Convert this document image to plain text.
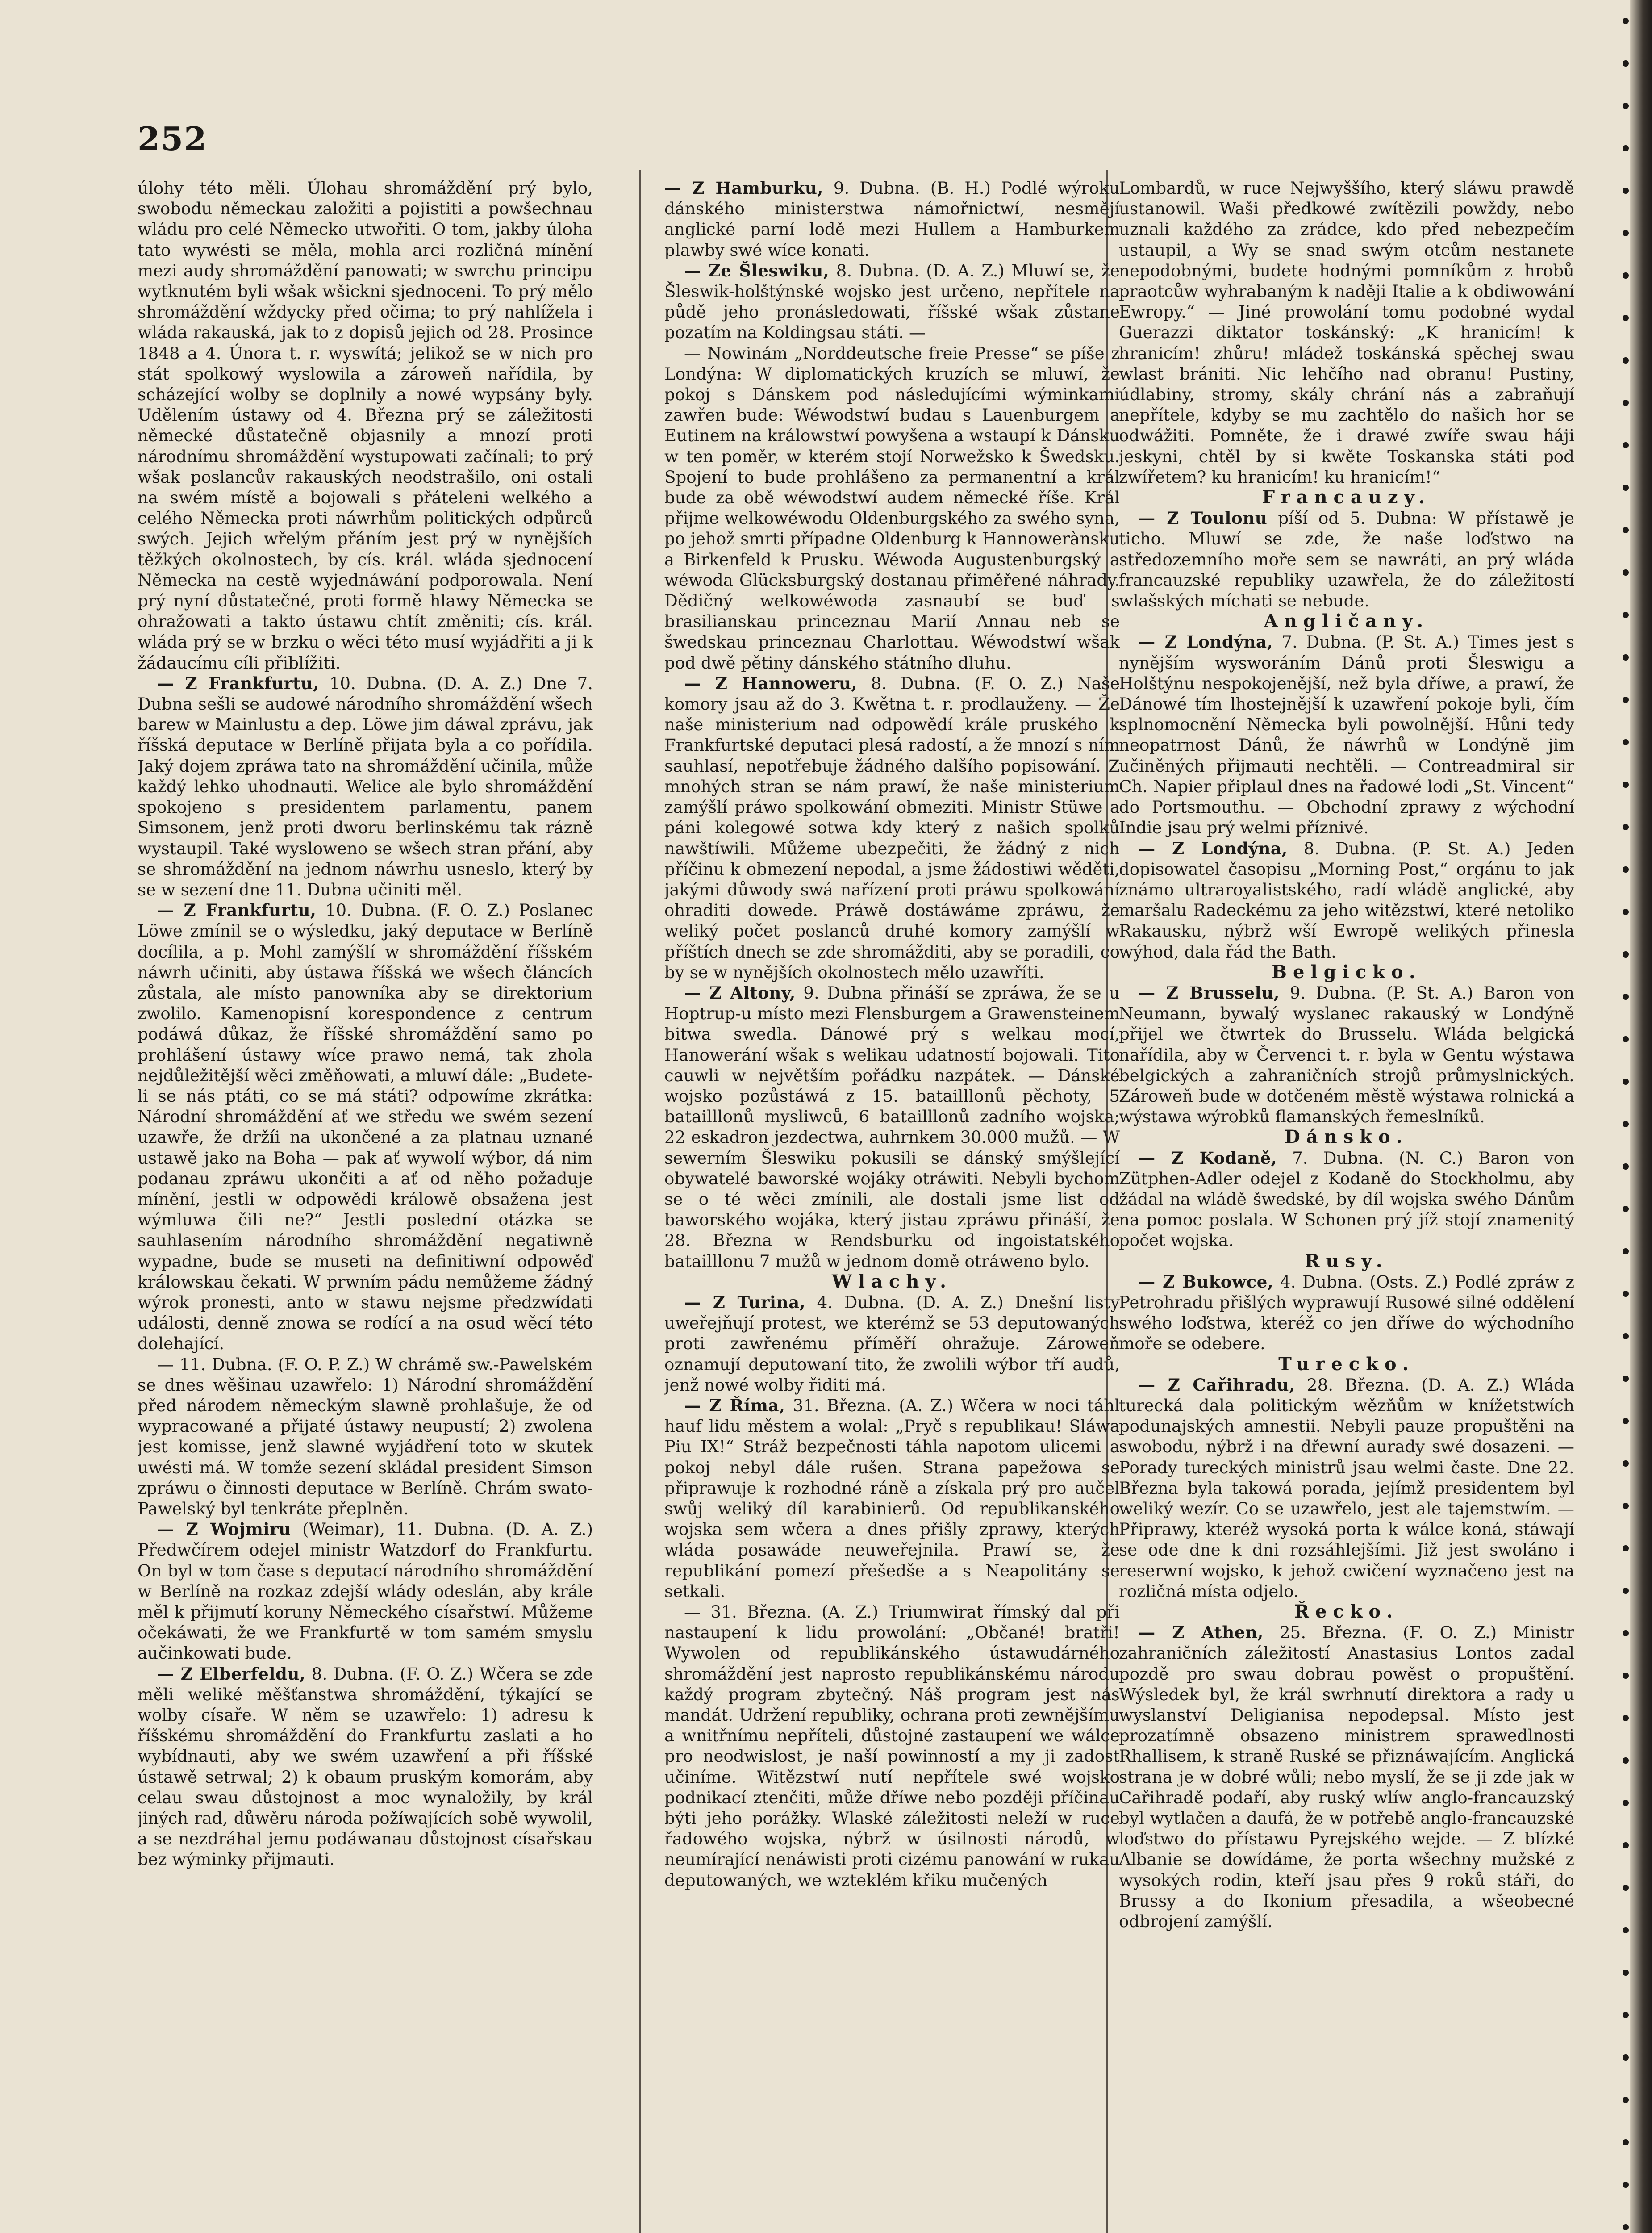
252

úlohy této měli. Úlohau shromáždění prý bylo, swobodu německau založiti a pojistiti a powšechnau wládu pro celé Německo utwořiti. O tom, jakby úloha tato wywésti se měla, mohla arci rozličná mínění mezi audy shromáždění panowati; w swrchu principu wytknutém byli wšak wšickni sjednoceni. To prý mělo shromáždění wždycky před očima; to prý nahlížela i wláda rakauská, jak to z dopisů jejich od 28. Prosince 1848 a 4. Února t. r. wyswítá; jelikož se w nich pro stát spolkowý wyslowila a zároweň nařídila, by scházející wolby se doplnily a nowé wypsány byly. Udělením ústawy od 4. Března prý se záležitosti německé důstatečně objasnily a mnozí proti národnímu shromáždění wystupowati začínali; to prý wšak poslancův rakauských neodstrašilo, oni ostali na swém místě a bojowali s přáteleni welkého a celého Německa proti náwrhům politických odpůrců swých. Jejich wřelým přáním jest prý w nynějších těžkých okolnostech, by cís. král. wláda sjednocení Německa na cestě wyjednáwání podporowala. Není prý nyní důstatečné, proti formě hlawy Německa se ohražowati a takto ústawu chtít změniti; cís. král. wláda prý se w brzku o wěci této musí wyjádřiti a ji k žádaucímu cíli přiblížiti.

— Z Frankfurtu, 10. Dubna. (D. A. Z.) Dne 7. Dubna sešli se audowé národního shromáždění wšech barew w Mainlustu a dep. Löwe jim dáwal zprávu, jak říšská deputace w Berlíně přijata byla a co pořídila. Jaký dojem zpráwa tato na shromáždění učinila, může každý lehko uhodnauti. Welice ale bylo shromáždění spokojeno s presidentem parlamentu, panem Simsonem, jenž proti dworu berlinskému tak rázně wystaupil. Také wysloweno se wšech stran přání, aby se shromáždění na jednom náwrhu usneslo, který by se w sezení dne 11. Dubna učiniti měl.

— Z Frankfurtu, 10. Dubna. (F. O. Z.) Poslanec Löwe zmínil se o wýsledku, jaký deputace w Berlíně docílila, a p. Mohl zamýšlí w shromáždění říšském náwrh učiniti, aby ústawa říšská we wšech článcích zůstala, ale místo panowníka aby se direktorium zwolilo. Kamenopisní korespondence z centrum podáwá důkaz, že říšské shromáždění samo po prohlášení ústawy wíce prawo nemá, tak zhola nejdůležitější wěci změňowati, a mluwí dále: „Budete-li se nás ptáti, co se má státi? odpowíme zkrátka: Národní shromáždění ať we středu we swém sezení uzawře, že držíi na ukončené a za platnau uznané ustawě jako na Boha — pak ať wywolí wýbor, dá nim podanau zpráwu ukončiti a ať od něho požaduje mínění, jestli w odpowědi králowě obsažena jest wýmluwa čili ne?“ Jestli poslední otázka se sauhlasením národního shromáždění negatiwně wypadne, bude se museti na definitiwní odpowěď králowskau čekati. W prwním pádu nemůžeme žádný wýrok pronesti, anto w stawu nejsme předzwídati události, denně znowa se rodící a na osud wěcí této dolehající.

— 11. Dubna. (F. O. P. Z.) W chrámě sw.-Pawelském se dnes wěšinau uzawřelo: 1) Národní shromáždění před národem německým slawně prohlašuje, že od wypracowané a přijaté ústawy neupustí; 2) zwolena jest komisse, jenž slawné wyjádření toto w skutek uwésti má. W tomže sezení skládal president Simson zpráwu o činnosti deputace w Berlíně. Chrám swato-Pawelský byl tenkráte přeplněn.

— Z Wojmiru (Weimar), 11. Dubna. (D. A. Z.) Předwčírem odejel ministr Watzdorf do Frankfurtu. On byl w tom čase s deputací národního shromáždění w Berlíně na rozkaz zdejší wlády odeslán, aby krále měl k přijmutí koruny Německého císařstwí. Můžeme očekáwati, že we Frankfurtě w tom samém smyslu aučinkowati bude.

— Z Elberfeldu, 8. Dubna. (F. O. Z.) Wčera se zde měli weliké měšťanstwa shromáždění, týkající se wolby císaře. W něm se uzawřelo: 1) adresu k říšskému shromáždění do Frankfurtu zaslati a ho wybídnauti, aby we swém uzawření a při říšské ústawě setrwal; 2) k obaum pruským komorám, aby celau swau důstojnost a moc wynaložily, by král jiných rad, důwěru národa požíwajících sobě wywolil, a se nezdráhal jemu podáwanau důstojnost císařskau bez wýminky přijmauti.

— Z Hamburku, 9. Dubna. (B. H.) Podlé wýroku dánského ministerstwa námořnictwí, nesmějí anglické parní lodě mezi Hullem a Hamburkem plawby swé wíce konati.

— Ze Šleswiku, 8. Dubna. (D. A. Z.) Mluwí se, že Šleswik-holštýnské wojsko jest určeno, nepřítele na půdě jeho pronásledowati, říšské wšak zůstane pozatím na Koldingsau státi. —

— Nowinám „Norddeutsche freie Presse“ se píše z Londýna: W diplomatických kruzích se mluwí, že pokoj s Dánskem pod následujícími wýminkami zawřen bude: Wéwodstwí budau s Lauenburgem a Eutinem na králowstwí powyšena a wstaupí k Dánsku w ten poměr, w kterém stojí Norwežsko k Šwedsku. Spojení to bude prohlášeno za permanentní a král bude za obě wéwodstwí audem německé říše. Král přijme welkowéwodu Oldenburgského za swého syna, po jehož smrti případne Oldenburg k Hannowerànsku a Birkenfeld k Prusku. Wéwoda Augustenburgský a wéwoda Glücksburgský dostanau přiměřené náhrady. Dědičný welkowéwoda zasnaubí se buď s brasilianskau princeznau Marií Annau neb se šwedskau princeznau Charlottau. Wéwodstwí wšak pod dwě pětiny dánského státního dluhu.

— Z Hannoweru, 8. Dubna. (F. O. Z.) Naše komory jsau až do 3. Kwětna t. r. prodlauženy. — Že naše ministerium nad odpowědí krále pruského k Frankfurtské deputaci plesá radostí, a že mnozí s ním sauhlasí, nepotřebuje žádného dalšího popisowání. Z mnohých stran se nám prawí, že naše ministerium zamýšlí práwo spolkowání obmeziti. Ministr Stüwe a páni kolegowé sotwa kdy který z našich spolků nawštíwili. Můžeme ubezpečiti, že žádný z nich příčinu k obmezení nepodal, a jsme žádostiwi wěděti, jakými důwody swá nařízení proti práwu spolkowání ohraditi dowede. Práwě dostáwáme zpráwu, že weliký počet poslanců druhé komory zamýšlí w příštích dnech se zde shromážditi, aby se poradili, co by se w nynějších okolnostech mělo uzawříti.

— Z Altony, 9. Dubna přináší se zpráwa, že se u Hoptrup-u místo mezi Flensburgem a Grawensteinem bitwa swedla. Dánowé prý s welkau mocí, Hanowerání wšak s welikau udatností bojowali. Tito cauwli w největším pořádku nazpátek. — Dánské wojsko pozůstáwá z 15. batailllonů pěchoty, 5 batailllonů mysliwců, 6 batailllonů zadního wojska; 22 eskadron jezdectwa, auhrnkem 30.000 mužů. — W sewerním Šleswiku pokusili se dánský smýšlející obywatelé baworské wojáky otráwiti. Nebyli bychom se o té wěci zmínili, ale dostali jsme list od baworského wojáka, který jistau zpráwu přináší, že 28. Března w Rendsburku od ingoistatského batailllonu 7 mužů w jednom domě otráweno bylo.

Wlachy.

— Z Turina, 4. Dubna. (D. A. Z.) Dnešní listy uweřejňují protest, we kterémž se 53 deputowaných proti zawřenému příměří ohražuje. Zároweň oznamují deputowaní tito, že zwolili wýbor tří audů, jenž nowé wolby řiditi má.

— Z Říma, 31. Března. (A. Z.) Wčera w noci táhl hauf lidu městem a wolal: „Pryč s republikau! Sláwa Piu IX!“ Stráž bezpečnosti táhla napotom ulicemi a pokoj nebyl dále rušen. Strana papežowa se připrawuje k rozhodné ráně a získala prý pro aučel swůj weliký díl karabinierů. Od republikanského wojska sem wčera a dnes přišly zprawy, kterých wláda posawáde neuweřejnila. Prawí se, že republikání pomezí přešedše a s Neapolitány se setkali.

— 31. Března. (A. Z.) Triumwirat římský dal při nastaupení k lidu prowolání: „Občané! bratři! Wywolen od republikánského ústawudárného shromáždění jest naprosto republikánskému národu každý program zbytečný. Náš program jest nás mandát. Udržení republiky, ochrana proti zewnějšímu a wnitřnímu nepříteli, důstojné zastaupení we wálce pro neodwislost, je naší powinností a my ji zadost učiníme. Witězstwí nutí nepřítele swé wojsko podnikací ztenčiti, může dříwe nebo později příčinau býti jeho porážky. Wlaské záležitosti neleží w ruce řadowého wojska, nýbrž w úsilnosti národů, w neumírající nenáwisti proti cizému panowání w rukau deputowaných, we wzteklém křiku mučených

Lombardů, w ruce Nejwyššího, který sláwu prawdě ustanowil. Waši předkowé zwítězili powždy, nebo uznali každého za zrádce, kdo před nebezpečím ustaupil, a Wy se snad swým otcům nestanete nepodobnými, budete hodnými pomníkům z hrobů praotcůw wyhrabaným k naději Italie a k obdiwowání Ewropy.“ — Jiné prowolání tomu podobné wydal Guerazzi diktator toskánský: „K hranicím! k hranicím! zhůru! mládež toskánská spěchej swau wlast brániti. Nic lehčího nad obranu! Pustiny, údlabiny, stromy, skály chrání nás a zabraňují nepřítele, kdyby se mu zachtělo do našich hor se odwážiti. Pomněte, že i drawé zwíře swau háji jeskyni, chtěl by si kwěte Toskanska státi pod zwířetem? ku hranicím! ku hranicím!“

Francauzy.

— Z Toulonu píší od 5. Dubna: W přístawě je ticho. Mluwí se zde, že naše loďstwo na středozemního moře sem se nawráti, an prý wláda francauzské republiky uzawřela, že do záležitostí wlašských míchati se nebude.

Angličany.

— Z Londýna, 7. Dubna. (P. St. A.) Times jest s nynějším wysworáním Dánů proti Šleswigu a Holštýnu nespokojenější, než byla dříwe, a prawí, že Dánowé tím lhostejnější k uzawření pokoje byli, čím splnomocnění Německa byli powolnější. Hůni tedy neopatrnost Dánů, že náwrhů w Londýně jim učiněných přijmauti nechtěli. — Contreadmiral sir Ch. Napier připlaul dnes na řadowé lodi „St. Vincent“ do Portsmouthu. — Obchodní zprawy z wýchodní Indie jsau prý welmi příznivé.

— Z Londýna, 8. Dubna. (P. St. A.) Jeden dopisowatel časopisu „Morning Post,“ orgánu to jak známo ultraroyalistského, radí wládě anglické, aby maršalu Radeckému za jeho witězstwí, které netoliko Rakausku, nýbrž wší Ewropě welikých přinesla wýhod, dala řád the Bath.

Belgicko.

— Z Brusselu, 9. Dubna. (P. St. A.) Baron von Neumann, bywalý wyslanec rakauský w Londýně přijel we čtwrtek do Brusselu. Wláda belgická nařídila, aby w Červenci t. r. byla w Gentu wýstawa belgických a zahraničních strojů průmyslnických. Zároweň bude w dotčeném městě wýstawa rolnická a wýstawa wýrobků flamanských řemeslníků.

Dánsko.

— Z Kodaně, 7. Dubna. (N. C.) Baron von Zütphen-Adler odejel z Kodaně do Stockholmu, aby žádal na wládě šwedské, by díl wojska swého Dánům na pomoc poslala. W Schonen prý jíž stojí znamenitý počet wojska.

Rusy.

— Z Bukowce, 4. Dubna. (Osts. Z.) Podlé zpráw z Petrohradu přišlých wyprawují Rusowé silné oddělení swého loďstwa, kteréž co jen dříwe do wýchodního moře se odebere.

Turecko.

— Z Cařihradu, 28. Března. (D. A. Z.) Wláda turecká dala politickým wězňům w knížetstwích podunajských amnestii. Nebyli pauze propuštěni na swobodu, nýbrž i na dřewní aurady swé dosazeni. — Porady tureckých ministrů jsau welmi časte. Dne 22. Března byla takowá porada, jejímž presidentem byl weliký wezír. Co se uzawřelo, jest ale tajemstwím. — Připrawy, kteréž wysoká porta k wálce koná, stáwají se ode dne k dni rozsáhlejšími. Již jest swoláno i reserwní wojsko, k jehož cwičení wyznačeno jest na rozličná místa odjelo.

Řecko.

— Z Athen, 25. Března. (F. O. Z.) Ministr zahraničních záležitostí Anastasius Lontos zadal pozdě pro swau dobrau powěst o propuštění. Wýsledek byl, že král swrhnutí direktora a rady u wyslanství Deligianisa nepodepsal. Místo jest prozatímně obsazeno ministrem sprawedlnosti Rhallisem, k straně Ruské se přiznáwajícím. Anglická strana je w dobré wůli; nebo myslí, že se ji zde jak w Cařihradě podaří, aby ruský wlíw anglo-francauzský byl wytlačen a daufá, že w potřebě anglo-francauzské loďstwo do přístawu Pyrejského wejde. — Z blízké Albanie se dowídáme, že porta wšechny mužské z wysokých rodin, kteří jsau přes 9 roků stáři, do Brussy a do Ikonium přesadila, a wšeobecné odbrojení zamýšlí.
